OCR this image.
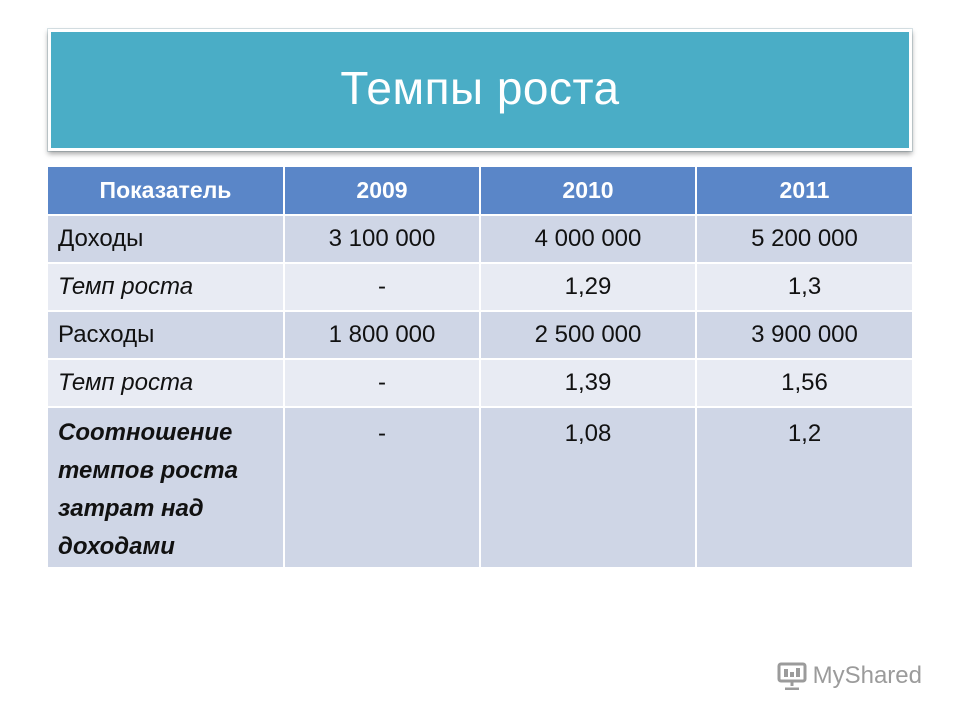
Темпы роста
Показатель	2009	2010	2011
Доходы	3 100 000	4 000 000	5 200 000
Темп роста	-	1,29	1,3
Расходы	1 800 000	2 500 000	3 900 000
Темп роста	-	1,39	1,56
Соотношение темпов роста затрат над доходами	-	1,08	1,2
MyShared
